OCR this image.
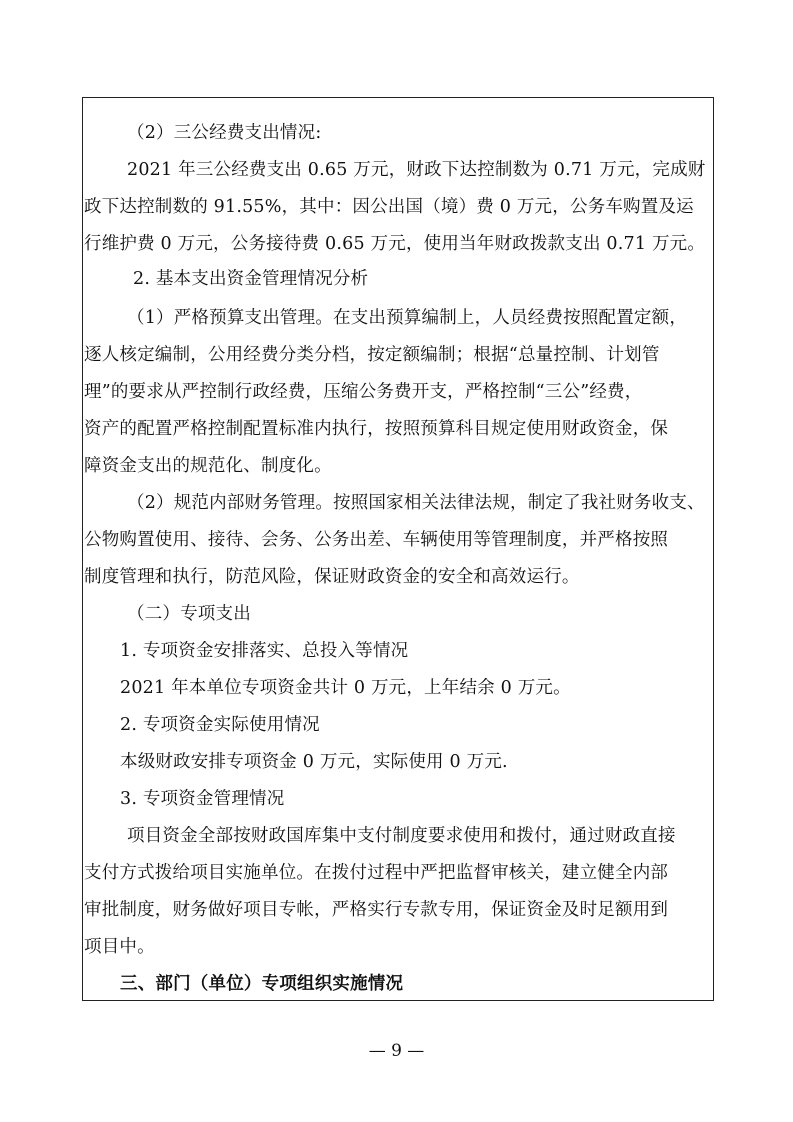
（2）三公经费支出情况:
2021 年三公经费支出 0.65 万元，财政下达控制数为 0.71 万元，完成财
政下达控制数的 91.55%，其中：因公出国（境）费 0 万元，公务车购置及运
行维护费 0 万元，公务接待费 0.65 万元，使用当年财政拨款支出 0.71 万元。
2. 基本支出资金管理情况分析
（1）严格预算支出管理。在支出预算编制上，人员经费按照配置定额，
逐人核定编制，公用经费分类分档，按定额编制；根据“总量控制、计划管
理”的要求从严控制行政经费，压缩公务费开支，严格控制“三公”经费，
资产的配置严格控制配置标准内执行，按照预算科目规定使用财政资金，保
障资金支出的规范化、制度化。
（2）规范内部财务管理。按照国家相关法律法规，制定了我社财务收支、
公物购置使用、接待、会务、公务出差、车辆使用等管理制度，并严格按照
制度管理和执行，防范风险，保证财政资金的安全和高效运行。
（二）专项支出
1. 专项资金安排落实、总投入等情况
2021 年本单位专项资金共计 0 万元，上年结余 0 万元。
2. 专项资金实际使用情况
本级财政安排专项资金 0 万元，实际使用 0 万元.
3. 专项资金管理情况
项目资金全部按财政国库集中支付制度要求使用和拨付，通过财政直接
支付方式拨给项目实施单位。在拨付过程中严把监督审核关，建立健全内部
审批制度，财务做好项目专帐，严格实行专款专用，保证资金及时足额用到
项目中。
三、部门（单位）专项组织实施情况
— 9 —
